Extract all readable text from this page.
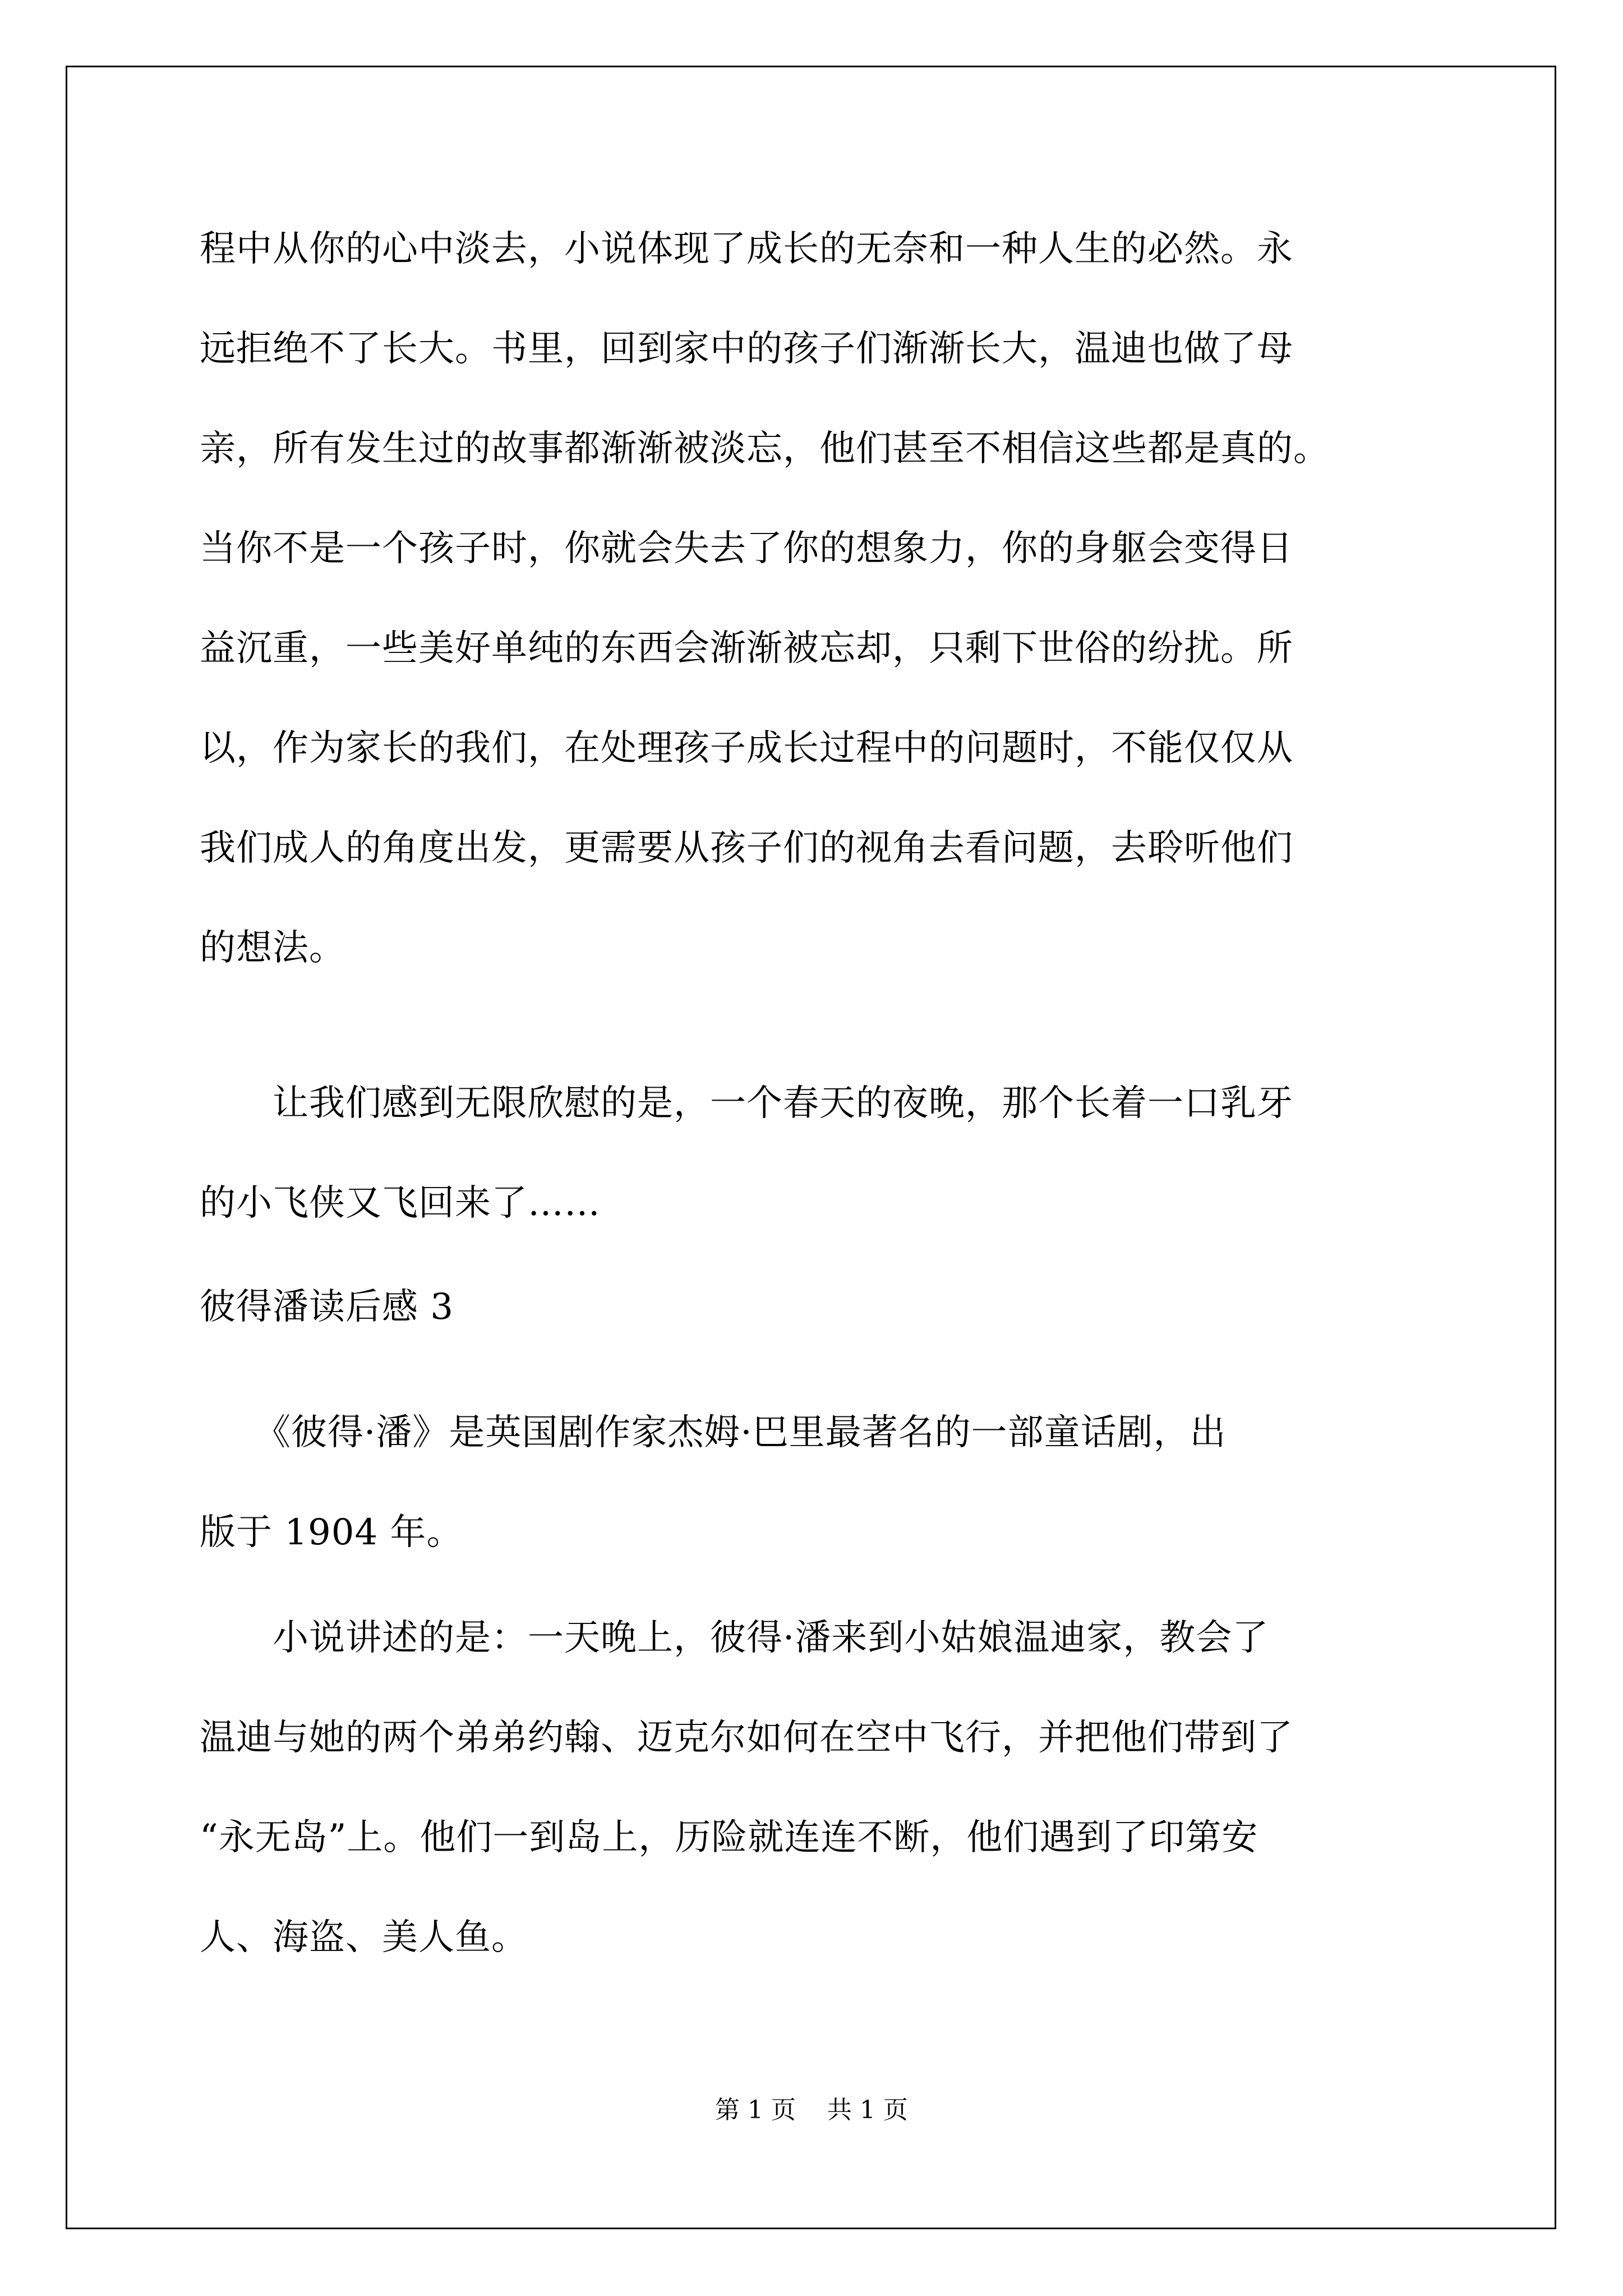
程中从你的心中淡去，小说体现了成长的无奈和一种人生的必然。永
远拒绝不了长大。书里，回到家中的孩子们渐渐长大，温迪也做了母
亲，所有发生过的故事都渐渐被淡忘，他们甚至不相信这些都是真的。
当你不是一个孩子时，你就会失去了你的想象力，你的身躯会变得日
益沉重，一些美好单纯的东西会渐渐被忘却，只剩下世俗的纷扰。所
以，作为家长的我们，在处理孩子成长过程中的问题时，不能仅仅从
我们成人的角度出发，更需要从孩子们的视角去看问题，去聆听他们
的想法。
　　让我们感到无限欣慰的是，一个春天的夜晚，那个长着一口乳牙
的小飞侠又飞回来了……
彼得潘读后感 3
　　《彼得·潘》是英国剧作家杰姆·巴里最著名的一部童话剧，出
版于 1904 年。
　　小说讲述的是：一天晚上，彼得·潘来到小姑娘温迪家，教会了
温迪与她的两个弟弟约翰、迈克尔如何在空中飞行，并把他们带到了
“永无岛”上。他们一到岛上，历险就连连不断，他们遇到了印第安
人、海盗、美人鱼。
第 1 页    共 1 页
